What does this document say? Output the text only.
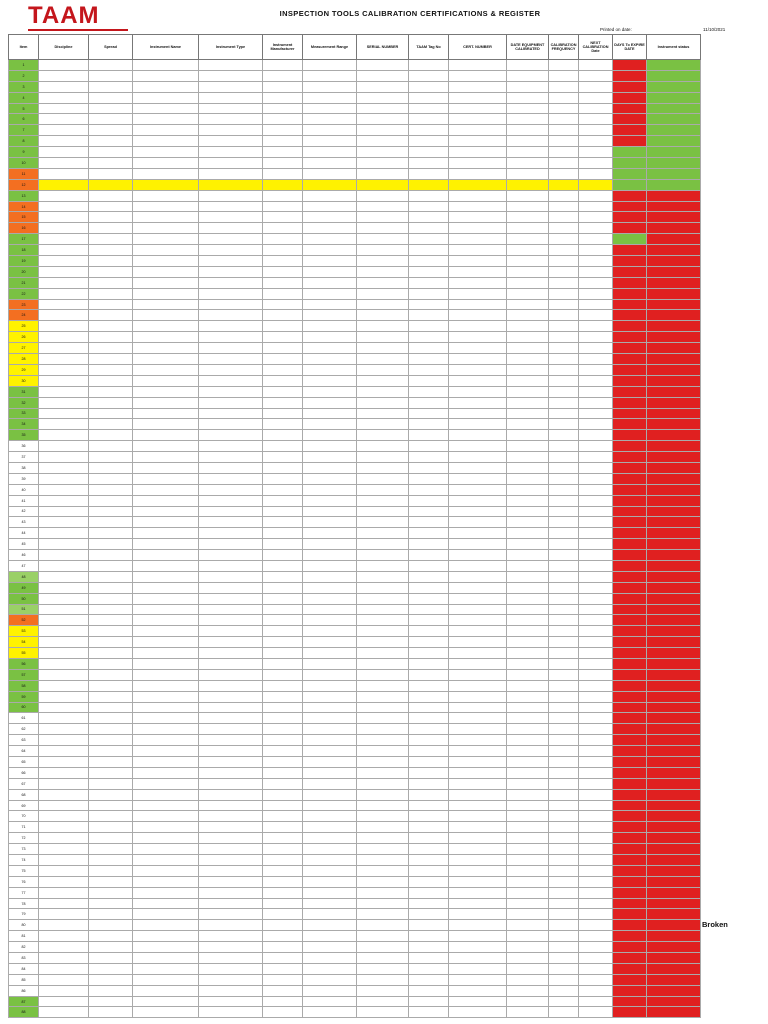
TAAM	INSPECTION TOOLS CALIBRATION CERTIFICATIONS & REGISTER
Printed on date:	11/10/2021
Item	Discipline	Spread	Instrument Name	Instrument Type	Instrument Manufacturer	Measurement Range	SERIAL NUMBER	TAAM Tag No	CERT. NUMBER	DATE EQUIPMENT CALIBRATED	CALIBRATION FREQUENCY	NEXT CALIBRATION Date	DAYS To EXPIRE DATE	Instrument status
1														
2														
3														
4														
5														
6														
7														
8														
9														
10														
11														
12														
13														
14														
15														
16														
17														
18														
19														
20														
21														
22														
23														
24														
25														
26														
27														
28														
29														
30														
31														
32														
33														
34														
35														
36														
37														
38														
39														
40														
41														
42														
43														
44														
45														
46														
47														
48														
49														
50														
51														
52														
53														
54														
55														
56														
57														
58														
59														
60														
61														
62														
63														
64														
65														
66														
67														
68														
69														
70														
71														
72														
73														
74														
75														
76														
77														
78														
79														
80														
81														
82														
83														
84														
85														
86														
87														
88														
Broken
